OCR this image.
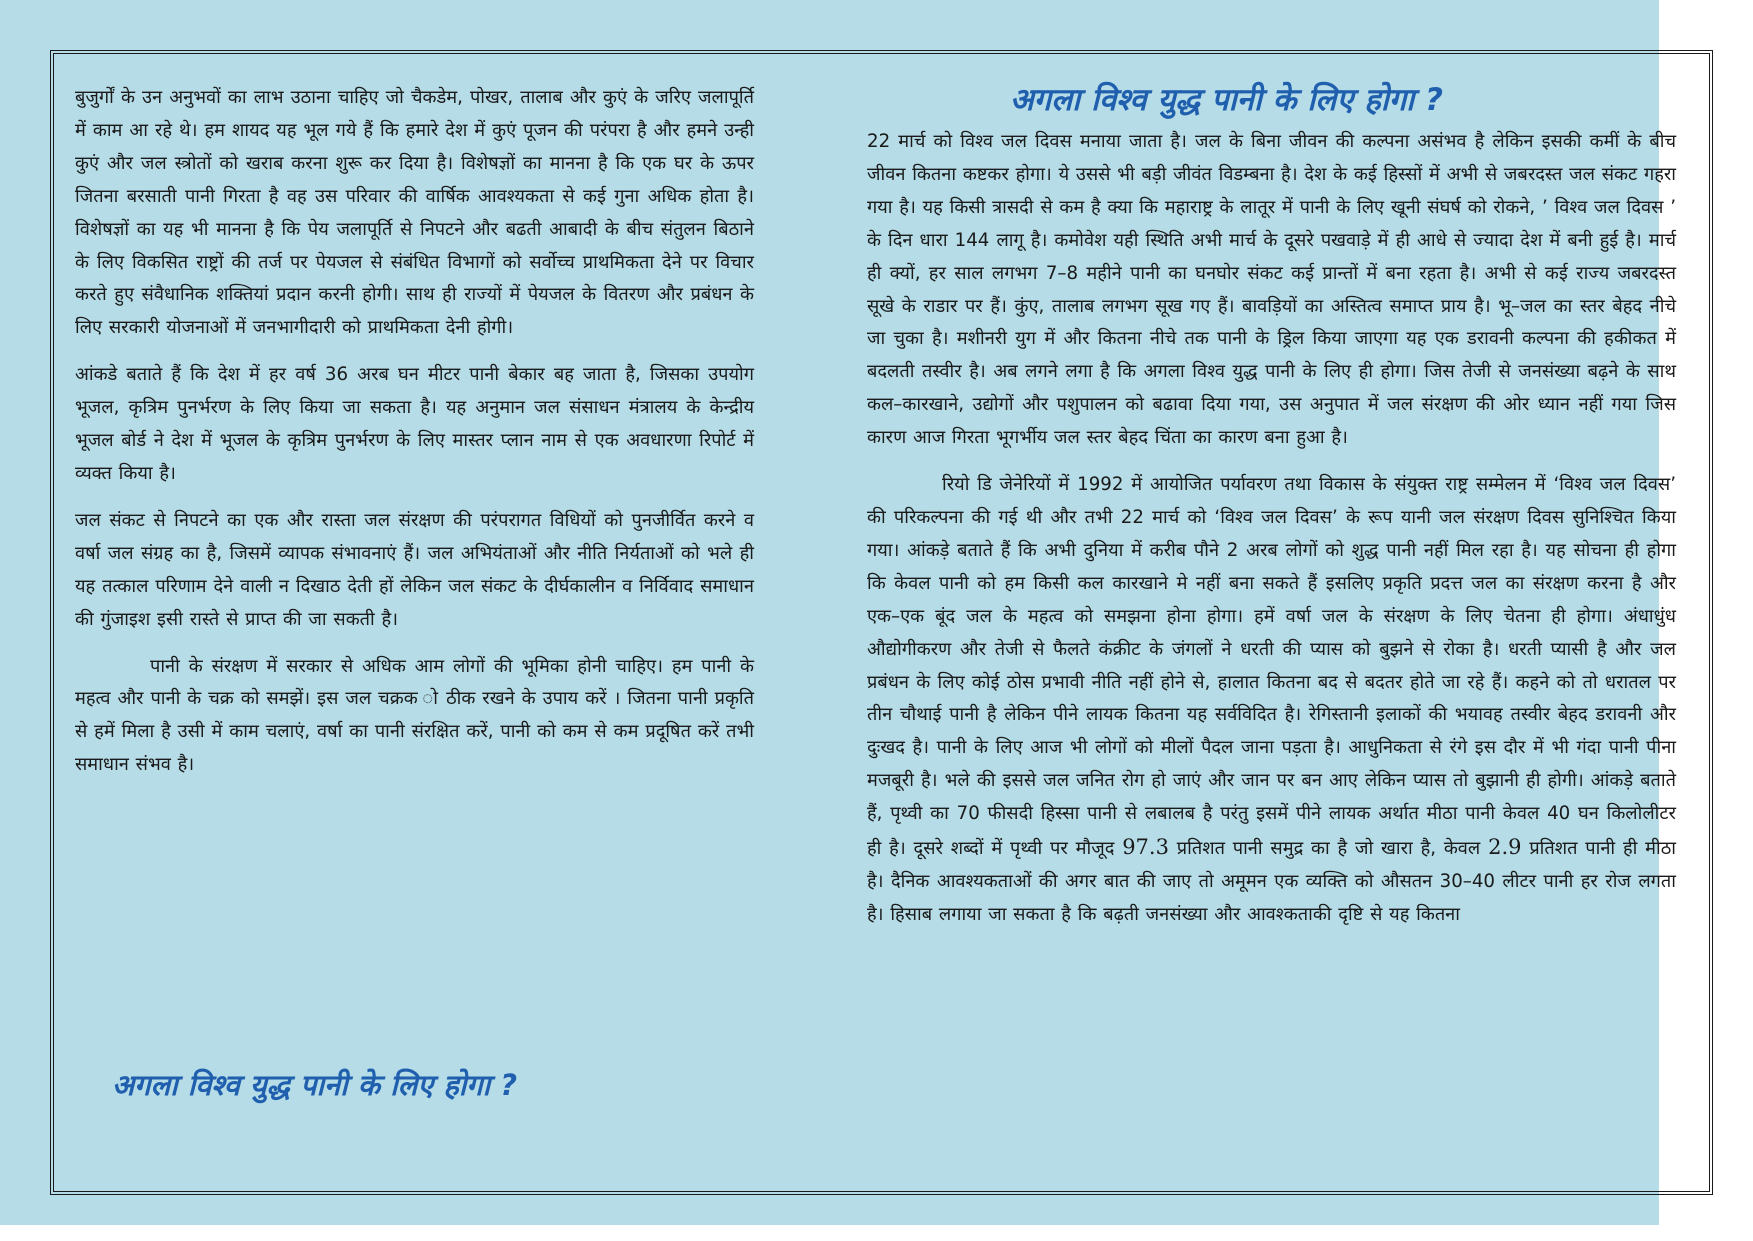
बुजुर्गों के उन अनुभवों का लाभ उठाना चाहिए जो चैकडेम, पोखर, तालाब और कुएं के जरिए जलापूर्ति में काम आ रहे थे। हम शायद यह भूल गये हैं कि हमारे देश में कुएं पूजन की परंपरा है और हमने उन्ही कुएं और जल स्त्रोतों को खराब करना शुरू कर दिया है। विशेषज्ञों का मानना है कि एक घर के ऊपर जितना बरसाती पानी गिरता है वह उस परिवार की वार्षिक आवश्यकता से कई गुना अधिक होता है। विशेषज्ञों का यह भी मानना है कि पेय जलापूर्ति से निपटने और बढती आबादी के बीच संतुलन बिठाने के लिए विकसित राष्ट्रों की तर्ज पर पेयजल से संबंधित विभागों को सर्वोच्च प्राथमिकता देने पर विचार करते हुए संवैधानिक शक्तियां प्रदान करनी होगी। साथ ही राज्यों में पेयजल के वितरण और प्रबंधन के लिए सरकारी योजनाओं में जनभागीदारी को प्राथमिकता देनी होगी।

आंकडे बताते हैं कि देश में हर वर्ष 36 अरब घन मीटर पानी बेकार बह जाता है, जिसका उपयोग भूजल, कृत्रिम पुनर्भरण के लिए किया जा सकता है। यह अनुमान जल संसाधन मंत्रालय के केन्द्रीय भूजल बोर्ड ने देश में भूजल के कृत्रिम पुनर्भरण के लिए मास्तर प्लान नाम से एक अवधारणा रिपोर्ट में व्यक्त किया है।

जल संकट से निपटने का एक और रास्ता जल संरक्षण की परंपरागत विधियों को पुनजीर्वित करने व वर्षा जल संग्रह का है, जिसमें व्यापक संभावनाएं हैं। जल अभियंताओं और नीति निर्यताओं को भले ही यह तत्काल परिणाम देने वाली न दिखाठ देती हों लेकिन जल संकट के दीर्घकालीन व निर्विवाद समाधान की गुंजाइश इसी रास्ते से प्राप्त की जा सकती है।

पानी के संरक्षण में सरकार से अधिक आम लोगों की भूमिका होनी चाहिए। हम पानी के महत्व और पानी के चक्र को समझें। इस जल चक्रक ो ठीक रखने के उपाय करें । जितना पानी प्रकृति से हमें मिला है उसी में काम चलाएं, वर्षा का पानी संरक्षित करें, पानी को कम से कम प्रदूषित करें तभी समाधान संभव है।

अगला विश्व युद्ध पानी के लिए होगा ?

22 मार्च को विश्व जल दिवस मनाया जाता है। जल के बिना जीवन की कल्पना असंभव है लेकिन इसकी कमीं के बीच जीवन कितना कष्टकर होगा। ये उससे भी बड़ी जीवंत विडम्बना है। देश के कई हिस्सों में अभी से जबरदस्त जल संकट गहरा गया है। यह किसी त्रासदी से कम है क्या कि महाराष्ट्र के लातूर में पानी के लिए खूनी संघर्ष को रोकने, ’ विश्व जल दिवस ’ के दिन धारा 144 लागू है। कमोवेश यही स्थिति अभी मार्च के दूसरे पखवाड़े में ही आधे से ज्यादा देश में बनी हुई है। मार्च ही क्यों, हर साल लगभग 7–8 महीने पानी का घनघोर संकट कई प्रान्तों में बना रहता है। अभी से कई राज्य जबरदस्त सूखे के राडार पर हैं। कुंए, तालाब लगभग सूख गए हैं। बावड़ियों का अस्तित्व समाप्त प्राय है। भू–जल का स्तर बेहद नीचे जा चुका है। मशीनरी युग में और कितना नीचे तक पानी के ड्रिल किया जाएगा यह एक डरावनी कल्पना की हकीकत में बदलती तस्वीर है। अब लगने लगा है कि अगला विश्व युद्ध पानी के लिए ही होगा। जिस तेजी से जनसंख्या बढ़ने के साथ कल–कारखाने, उद्योगों और पशुपालन को बढावा दिया गया, उस अनुपात में जल संरक्षण की ओर ध्यान नहीं गया जिस कारण आज गिरता भूगर्भीय जल स्तर बेहद चिंता का कारण बना हुआ है।

रियो डि जेनेरियों में 1992 में आयोजित पर्यावरण तथा विकास के संयुक्त राष्ट्र सम्मेलन में ‘विश्व जल दिवस’ की परिकल्पना की गई थी और तभी 22 मार्च को ‘विश्व जल दिवस’ के रूप यानी जल संरक्षण दिवस सुनिश्चित किया गया। आंकड़े बताते हैं कि अभी दुनिया में करीब पौने 2 अरब लोगों को शुद्ध पानी नहीं मिल रहा है। यह सोचना ही होगा कि केवल पानी को हम किसी कल कारखाने मे नहीं बना सकते हैं इसलिए प्रकृति प्रदत्त जल का संरक्षण करना है और एक–एक बूंद जल के महत्व को समझना होना होगा। हमें वर्षा जल के संरक्षण के लिए चेतना ही होगा। अंधाधुंध औद्योगीकरण और तेजी से फैलते कंक्रीट के जंगलों ने धरती की प्यास को बुझने से रोका है। धरती प्यासी है और जल प्रबंधन के लिए कोई ठोस प्रभावी नीति नहीं होने से, हालात कितना बद से बदतर होते जा रहे हैं। कहने को तो धरातल पर तीन चौथाई पानी है लेकिन पीने लायक कितना यह सर्वविदित है। रेगिस्तानी इलाकों की भयावह तस्वीर बेहद डरावनी और दुःखद है। पानी के लिए आज भी लोगों को मीलों पैदल जाना पड़ता है। आधुनिकता से रंगे इस दौर में भी गंदा पानी पीना मजबूरी है। भले की इससे जल जनित रोग हो जाएं और जान पर बन आए लेकिन प्यास तो बुझानी ही होगी। आंकड़े बताते हैं, पृथ्वी का 70 फीसदी हिस्सा पानी से लबालब है परंतु इसमें पीने लायक अर्थात मीठा पानी केवल 40 घन किलोलीटर ही है। दूसरे शब्दों में पृथ्वी पर मौजूद 97.3 प्रतिशत पानी समुद्र का है जो खारा है, केवल 2.9 प्रतिशत पानी ही मीठा है। दैनिक आवश्यकताओं की अगर बात की जाए तो अमूमन एक व्यक्ति को औसतन 30–40 लीटर पानी हर रोज लगता है। हिसाब लगाया जा सकता है कि बढ़ती जनसंख्या और आवश्कताकी दृष्टि से यह कितना

अगला विश्व युद्ध पानी के लिए होगा ?
